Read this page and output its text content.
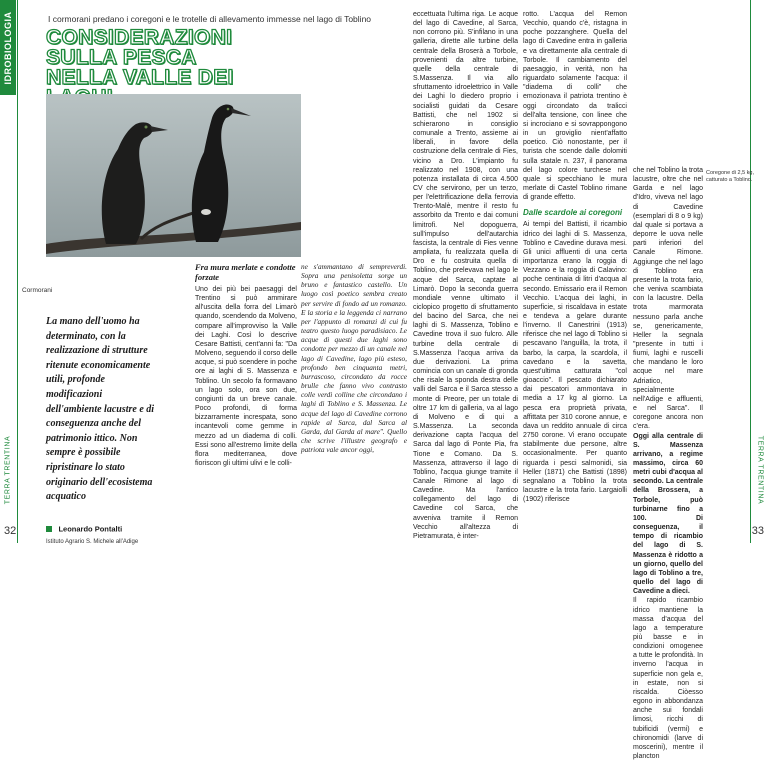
IDROBIOLOGIA
TERRA TRENTINA	TERRA TRENTINA
32	33
I cormorani predano i coregoni e le trotelle di allevamento immesse nel lago di Toblino
CONSIDERAZIONI
SULLA PESCA
NELLA VALLE DEI
Cormorani
La mano dell'uomo ha determinato, con la realizzazione di strutture ritenute economicamente utili, profonde modificazioni dell'ambiente lacustre e di conseguenza anche del patrimonio ittico. Non sempre è possibile ripristinare lo stato originario dell'ecosistema acquatico
Leonardo Pontalti
Istituto Agrario S. Michele all'Adige
Fra mura merlate e condotte forzate

Uno dei più bei paesaggi del Trentino si può ammirare all'uscita della forra del Limarò quando, scendendo da Molveno, compare all'improvviso la Valle dei Laghi. Così lo descrive Cesare Battisti, cent'anni fa: "Da Molveno, seguendo il corso delle acque, si può scendere in poche ore ai laghi di S. Massenza e Toblino. Un secolo fa formavano un lago solo, ora son due, congiunti da un breve canale. Poco profondi, di forma bizzarramente increspata, sono incantevoli come gemme in mezzo ad un diadema di colli. Essi sono all'estremo limite della flora mediterranea, dove fioriscon gli ultimi ulivi e le colli-

ne s'ammantano di sempreverdi. Sopra una penisoletta sorge un bruno e fantastico castello. Un luogo così poetico sembra creato per servire di fondo ad un romanzo. E la storia e la leggenda ci narrano per l'appunto di romanzi di cui fu teatro questo luogo paradisiaco. Le acque di questi due laghi sono condotte per mezzo di un canale nel lago di Cavedine, lago più esteso, profondo ben cinquanta metri, burrascoso, circondato da rocce brulle che fanno vivo contrasto colle verdi colline che circondano i laghi di Toblino e S. Massenza. Le acque del lago di Cavedine corrono rapide al Sarca, dal Sarca al Garda, dal Garda al mare". Quello che scrive l'illustre geografo e patriota vale ancor oggi,

eccettuata l'ultima riga. Le acque del lago di Cavedine, al Sarca, non corrono più. S'infilano in una galleria, dirette alle turbine della centrale della Broserà a Torbole, provenienti da altre turbine, quelle della centrale di S.Massenza. Il via allo sfruttamento idroelettrico in Valle dei Laghi lo diedero proprio i socialisti guidati da Cesare Battisti, che nel 1902 si schierarono in consiglio comunale a Trento, assieme ai liberali, in favore della costruzione della centrale di Fies, vicino a Dro. L'impianto fu realizzato nel 1908, con una potenza installata di circa 4.500 CV che servirono, per un terzo, per l'elettrificazione della ferrovia Trento-Malè, mentre il resto fu assorbito da Trento e dai comuni limitrofi. Nel dopoguerra, sull'impulso dell'autarchia fascista, la centrale di Fies venne ampliata, fu realizzata quella di Dro e fu costruita quella di Toblino, che prelevava nel lago le acque del Sarca, captate al Limarò. Dopo la seconda guerra mondiale venne ultimato il ciclopico progetto di sfruttamento del bacino del Sarca, che nei laghi di S. Massenza, Toblino e Cavedine trova il suo fulcro. Alle turbine della centrale di S.Massenza l'acqua arriva da due derivazioni. La prima comincia con un canale di gronda che risale la sponda destra delle valli del Sarca e il Sarca stesso a monte di Preore, per un totale di oltre 17 km di galleria, va al lago di Molveno e di qui a S.Massenza. La seconda derivazione capta l'acqua del Sarca dal lago di Ponte Pia, fra Tione e Comano. Da S. Massenza, attraverso il lago di Toblino, l'acqua giunge tramite il Canale Rimone al lago di Cavedine. Ma l'antico collegamento del lago di Cavedine col Sarca, che avveniva tramite il Remon Vecchio all'altezza di Pietramurata, è inter-

rotto. L'acqua del Remon Vecchio, quando c'è, ristagna in poche pozzanghere. Quella del lago di Cavedine entra in galleria e va direttamente alla centrale di Torbole. Il cambiamento del paesaggio, in verità, non ha riguardato solamente l'acqua: il "diadema di colli" che emozionava il patriota trentino è oggi circondato da tralicci dell'alta tensione, con linee che si incrociano e si sovrappongono in un groviglio nient'affatto poetico. Ciò nonostante, per il turista che scende dalle dolomiti sulla statale n. 237, il panorama del lago colore turchese nel quale si specchiano le mura merlate di Castel Toblino rimane di grande effetto.

Dalle scardole ai coregoni

Ai tempi del Battisti, il ricambio idrico dei laghi di S. Massenza, Toblino e Cavedine durava mesi. Gli unici affluenti di una certa importanza erano la roggia di Vezzano e la roggia di Calavino: poche centinaia di litri d'acqua al secondo. Emissario era il Remon Vecchio. L'acqua dei laghi, in superficie, si riscaldava in estate e tendeva a gelare durante l'inverno. Il Canestrini (1913) riferisce che nel lago di Toblino si pescavano l'anguilla, la trota, il barbo, la carpa, la scardola, il cavedano e la savetta, quest'ultima catturata "col gioaccio". Il pescato dichiarato dai pescatori ammontava in media a 17 kg al giorno. La pesca era proprietà privata, affittata per 310 corone annue, e dava un reddito annuale di circa 2750 corone. Vi erano occupate stabilmente due persone, altre occasionalmente. Per quanto riguarda i pesci salmonidi, sia Heller (1871) che Battisti (1898) segnalano a Toblino la trota lacustre e la trota fario. Largaiolli (1902) riferisce

che nel Toblino la trota lacustre, oltre che nel Garda e nel lago d'Idro, viveva nel lago di Cavedine (esemplari di 8 o 9 kg) dal quale si portava a deporre le uova nelle parti inferiori del Canale Rimone. Aggiunge che nel lago di Toblino era presente la trota fario, che veniva scambiata con la lacustre. Della trota marmorata nessuno parla anche se, genericamente, Heller la segnala "presente in tutti i fiumi, laghi e ruscelli che mandano le loro acque nel mare Adriatico, specialmente nell'Adige e affluenti, e nel Sarca". Il coregone ancora non c'era.

Oggi alla centrale di S. Massenza arrivano, a regime massimo, circa 60 metri cubi d'acqua al secondo. La centrale della Brossera, a Torbole, può turbinarne fino a 100. Di conseguenza, il tempo di ricambio del lago di S. Massenza è ridotto a un giorno, quello del lago di Toblino a tre, quello del lago di Cavedine a dieci.

Il rapido ricambio idrico mantiene la massa d'acqua del lago a temperature più basse e in condizioni omogenee a tutte le profondità. In inverno l'acqua in superficie non gela e, in estate, non si riscalda. Ciòesso egono in abbondanza anche sui fondali limosi, ricchi di tubificidi (vermi) e chironomidi (larve di moscerini), mentre il plancton

Coregone di 2,5 kg, catturato a Toblino.
